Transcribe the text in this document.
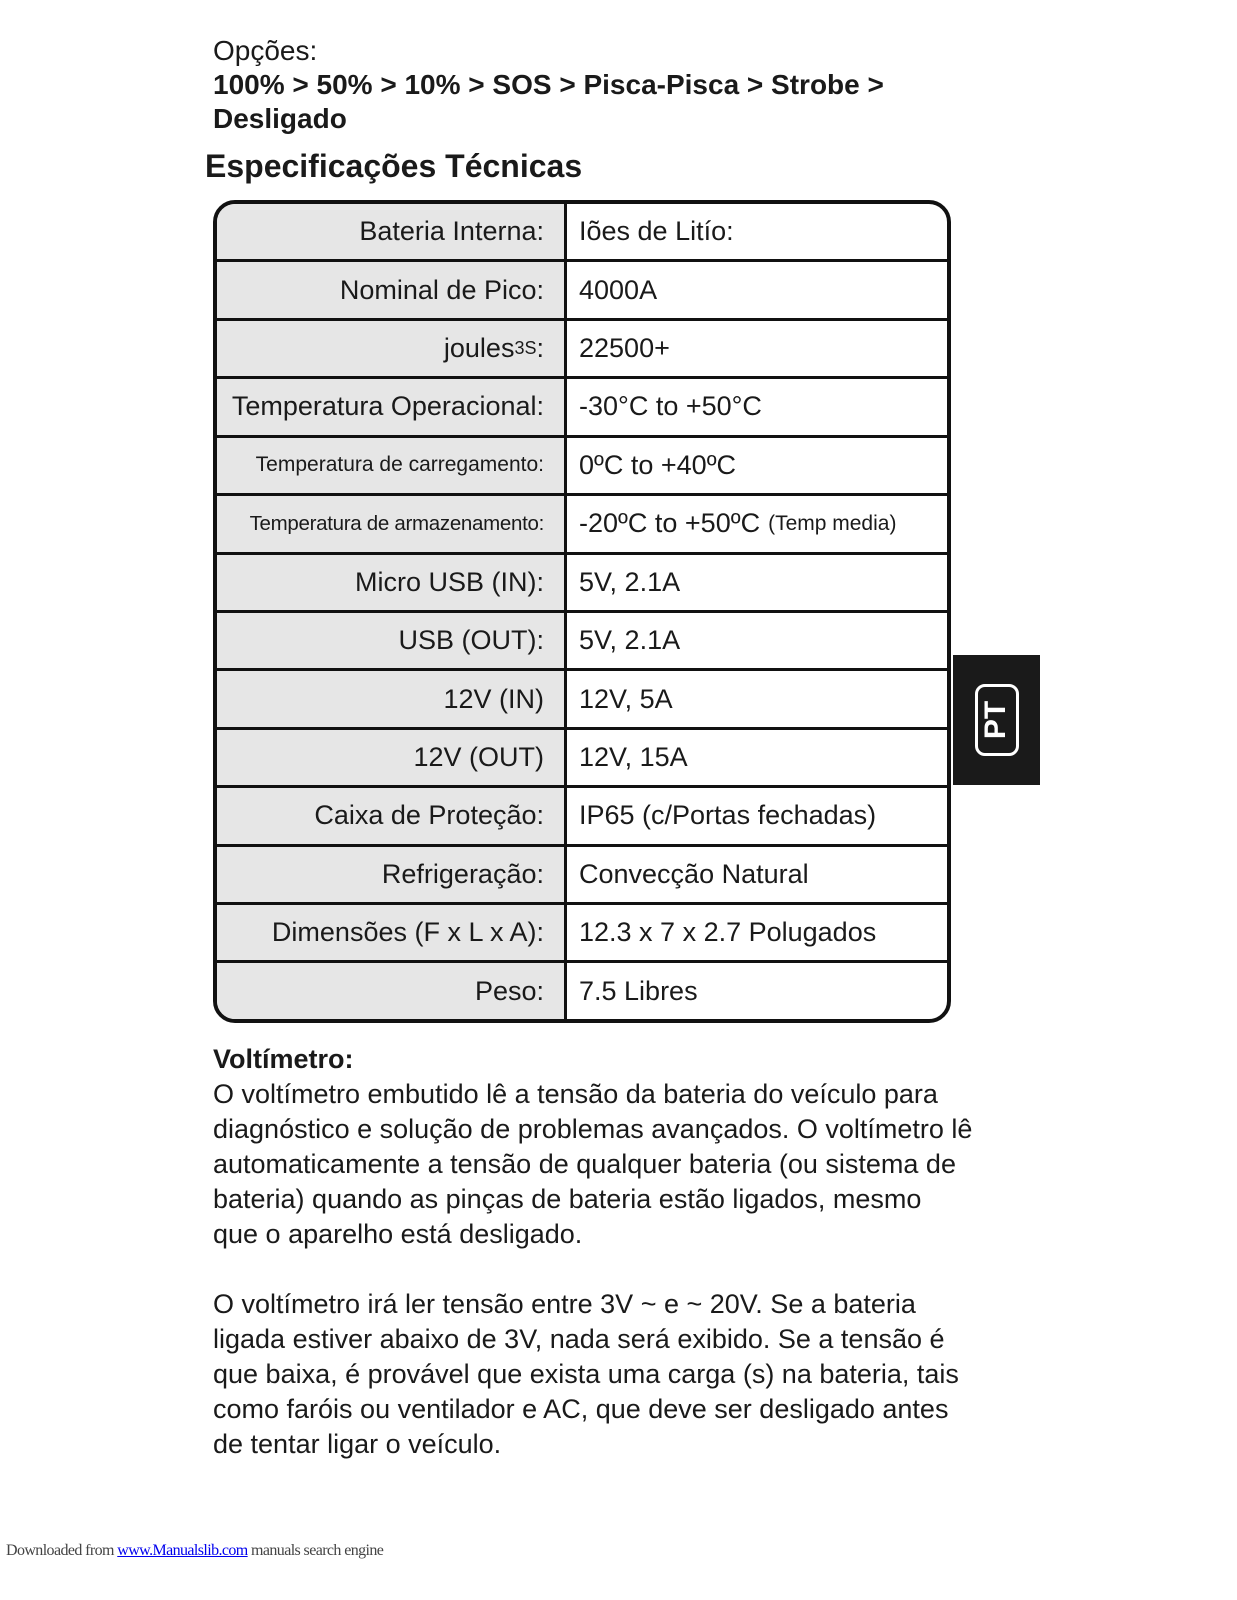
Opções:
100% > 50% > 10% > SOS > Pisca-Pisca > Strobe > Desligado
Especificações Técnicas
Bateria Interna:	Iões de Litío:
Nominal de Pico:	4000A
joules 3S :	22500+
Temperatura Operacional:	-30°C to +50°C
Temperatura de carregamento:	0ºC to +40ºC
Temperatura de armazenamento:	-20ºC to +50ºC (Temp media)
Micro USB (IN):	5V, 2.1A
USB (OUT):	5V, 2.1A
12V (IN)	12V, 5A
12V (OUT)	12V, 15A
Caixa de Proteção:	IP65 (c/Portas fechadas)
Refrigeração:	Convecção Natural
Dimensões (F x L x A):	12.3 x 7 x 2.7 Polugados
Peso:	7.5 Libres
PT
Voltímetro:

O voltímetro embutido lê a tensão da bateria do veículo para diagnóstico e solução de problemas avançados. O voltímetro lê automaticamente a tensão de qualquer bateria (ou sistema de bateria) quando as pinças de bateria estão ligados, mesmo que o aparelho está desligado.

O voltímetro irá ler tensão entre 3V ~ e ~ 20V. Se a bateria ligada estiver abaixo de 3V, nada será exibido. Se a tensão é que baixa, é provável que exista uma carga (s) na bateria, tais como faróis ou ventilador e AC, que deve ser desligado antes de tentar ligar o veículo.

Downloaded from www.Manualslib.com manuals search engine
